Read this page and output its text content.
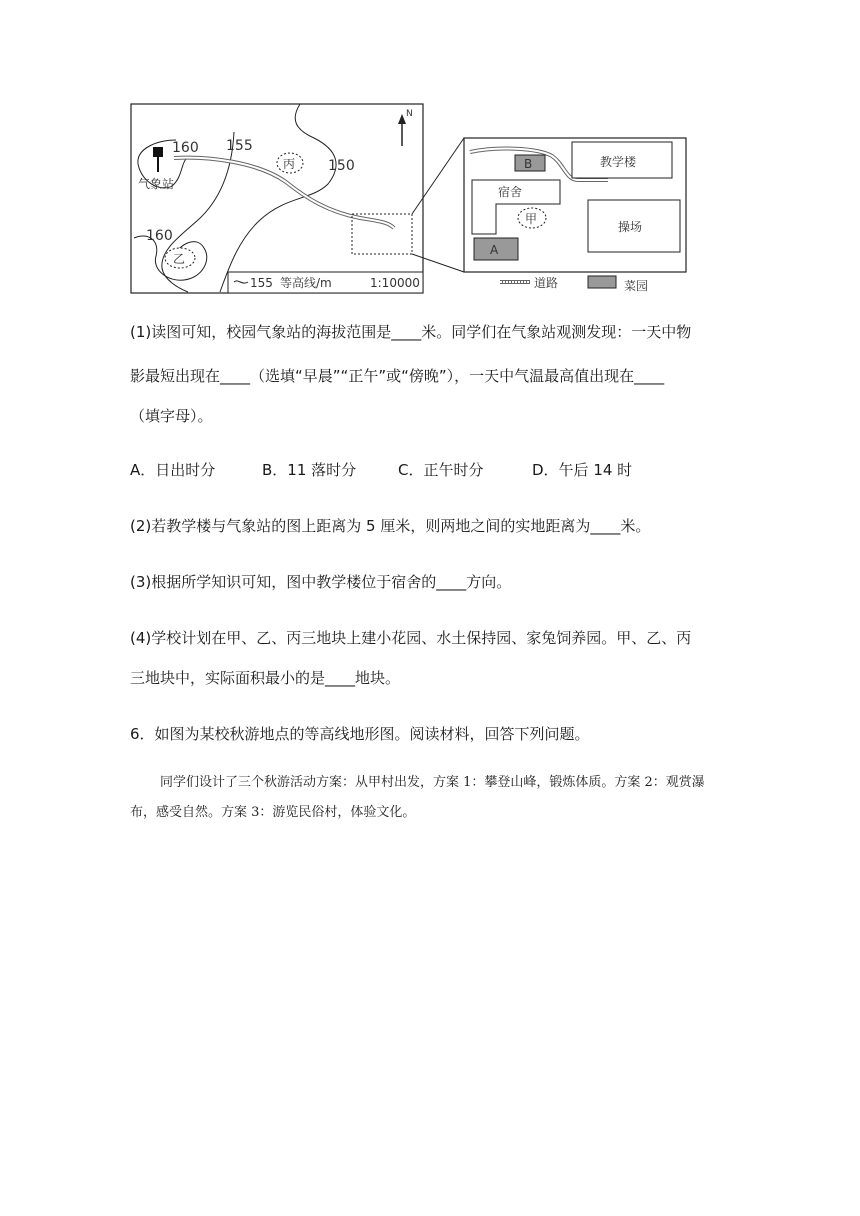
气象站
160 155
150
160
丙
乙
N
155 等高线/m	1:10000
B	教学楼
宿舍
甲
操场
A
道路	菜园
(1)读图可知，校园气象站的海拔范围是____米。同学们在气象站观测发现：一天中物
影最短出现在____（选填“早晨”“正午”或“傍晚”），一天中气温最高值出现在____
（填字母）。
A．日出时分	B．11 落时分	C．正午时分	D．午后 14 时
(2)若教学楼与气象站的图上距离为 5 厘米，则两地之间的实地距离为____米。
(3)根据所学知识可知，图中教学楼位于宿舍的____方向。
(4)学校计划在甲、乙、丙三地块上建小花园、水土保持园、家兔饲养园。甲、乙、丙
三地块中，实际面积最小的是____地块。
6．如图为某校秋游地点的等高线地形图。阅读材料，回答下列问题。
同学们设计了三个秋游活动方案：从甲村出发，方案 1：攀登山峰，锻炼体质。方案 2：观赏瀑布，感受自然。方案 3：游览民俗村，体验文化。
